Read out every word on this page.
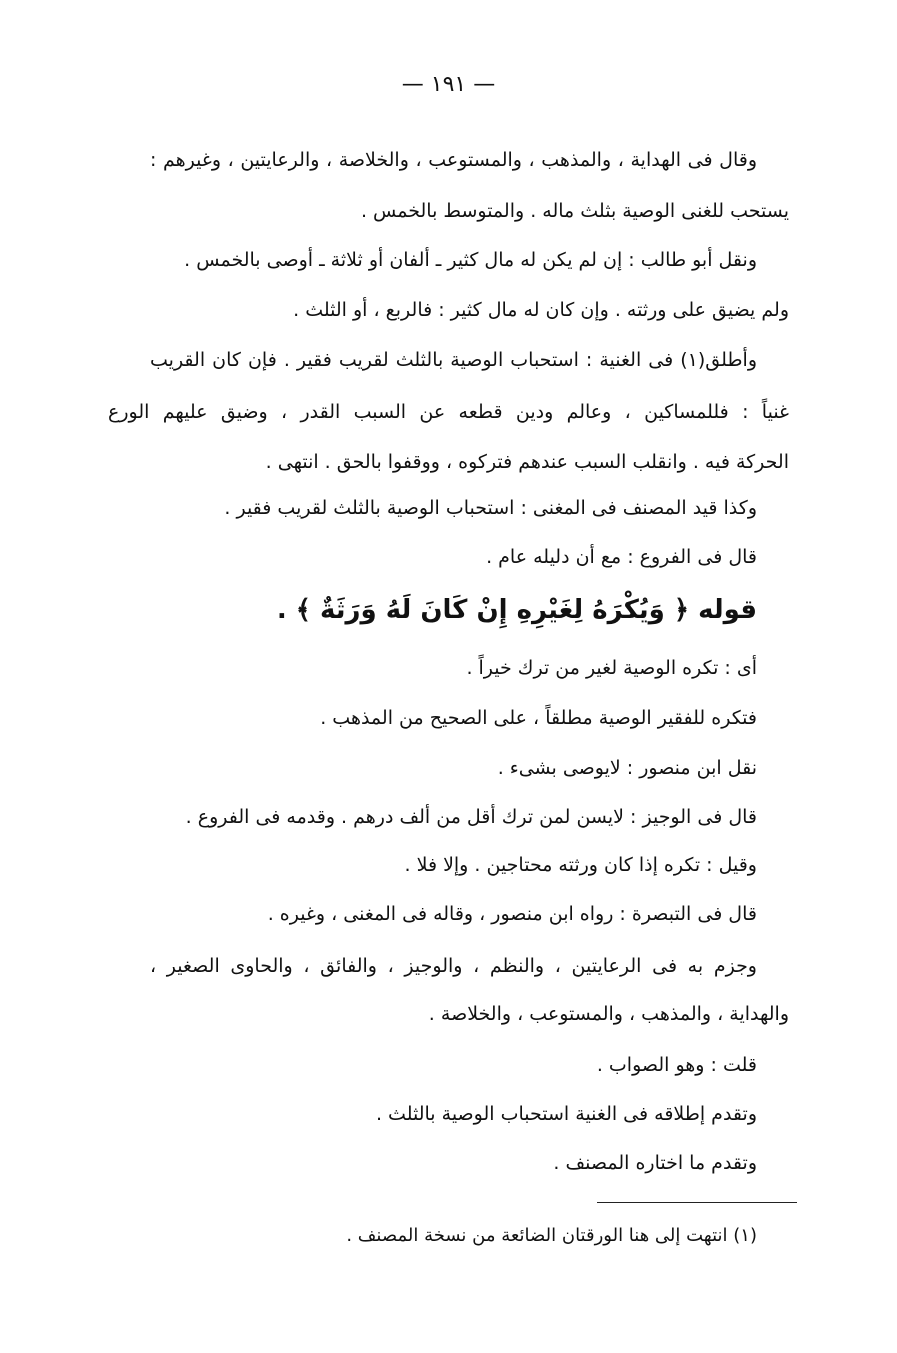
— ١٩١ —
وقال فى الهداية ، والمذهب ، والمستوعب ، والخلاصة ، والرعايتين ، وغيرهم :
يستحب للغنى الوصية بثلث ماله . والمتوسط بالخمس .
ونقل أبو طالب : إن لم يكن له مال كثير ـ ألفان أو ثلاثة ـ أوصى بالخمس .
ولم يضيق على ورثته . وإن كان له مال كثير : فالربع ، أو الثلث .
وأطلق(١) فى الغنية : استحباب الوصية بالثلث لقريب فقير . فإن كان القريب
غنياً : فللمساكين ، وعالم ودين قطعه عن السبب القدر ، وضيق عليهم الورع
الحركة فيه . وانقلب السبب عندهم فتركوه ، ووقفوا بالحق . انتهى .
وكذا قيد المصنف فى المغنى : استحباب الوصية بالثلث لقريب فقير .
قال فى الفروع : مع أن دليله عام .
قوله ﴿ وَيُكْرَهُ لِغَيْرِهِ إِنْ كَانَ لَهُ وَرَثَةٌ ﴾ .
أى : تكره الوصية لغير من ترك خيراً .
فتكره للفقير الوصية مطلقاً ، على الصحيح من المذهب .
نقل ابن منصور : لايوصى بشىء .
قال فى الوجيز : لايسن لمن ترك أقل من ألف درهم . وقدمه فى الفروع .
وقيل : تكره إذا كان ورثته محتاجين . وإلا فلا .
قال فى التبصرة : رواه ابن منصور ، وقاله فى المغنى ، وغيره .
وجزم به فى الرعايتين ، والنظم ، والوجيز ، والفائق ، والحاوى الصغير ،
والهداية ، والمذهب ، والمستوعب ، والخلاصة .
قلت : وهو الصواب .
وتقدم إطلاقه فى الغنية استحباب الوصية بالثلث .
وتقدم ما اختاره المصنف .
(١) انتهت إلى هنا الورقتان الضائعة من نسخة المصنف .
